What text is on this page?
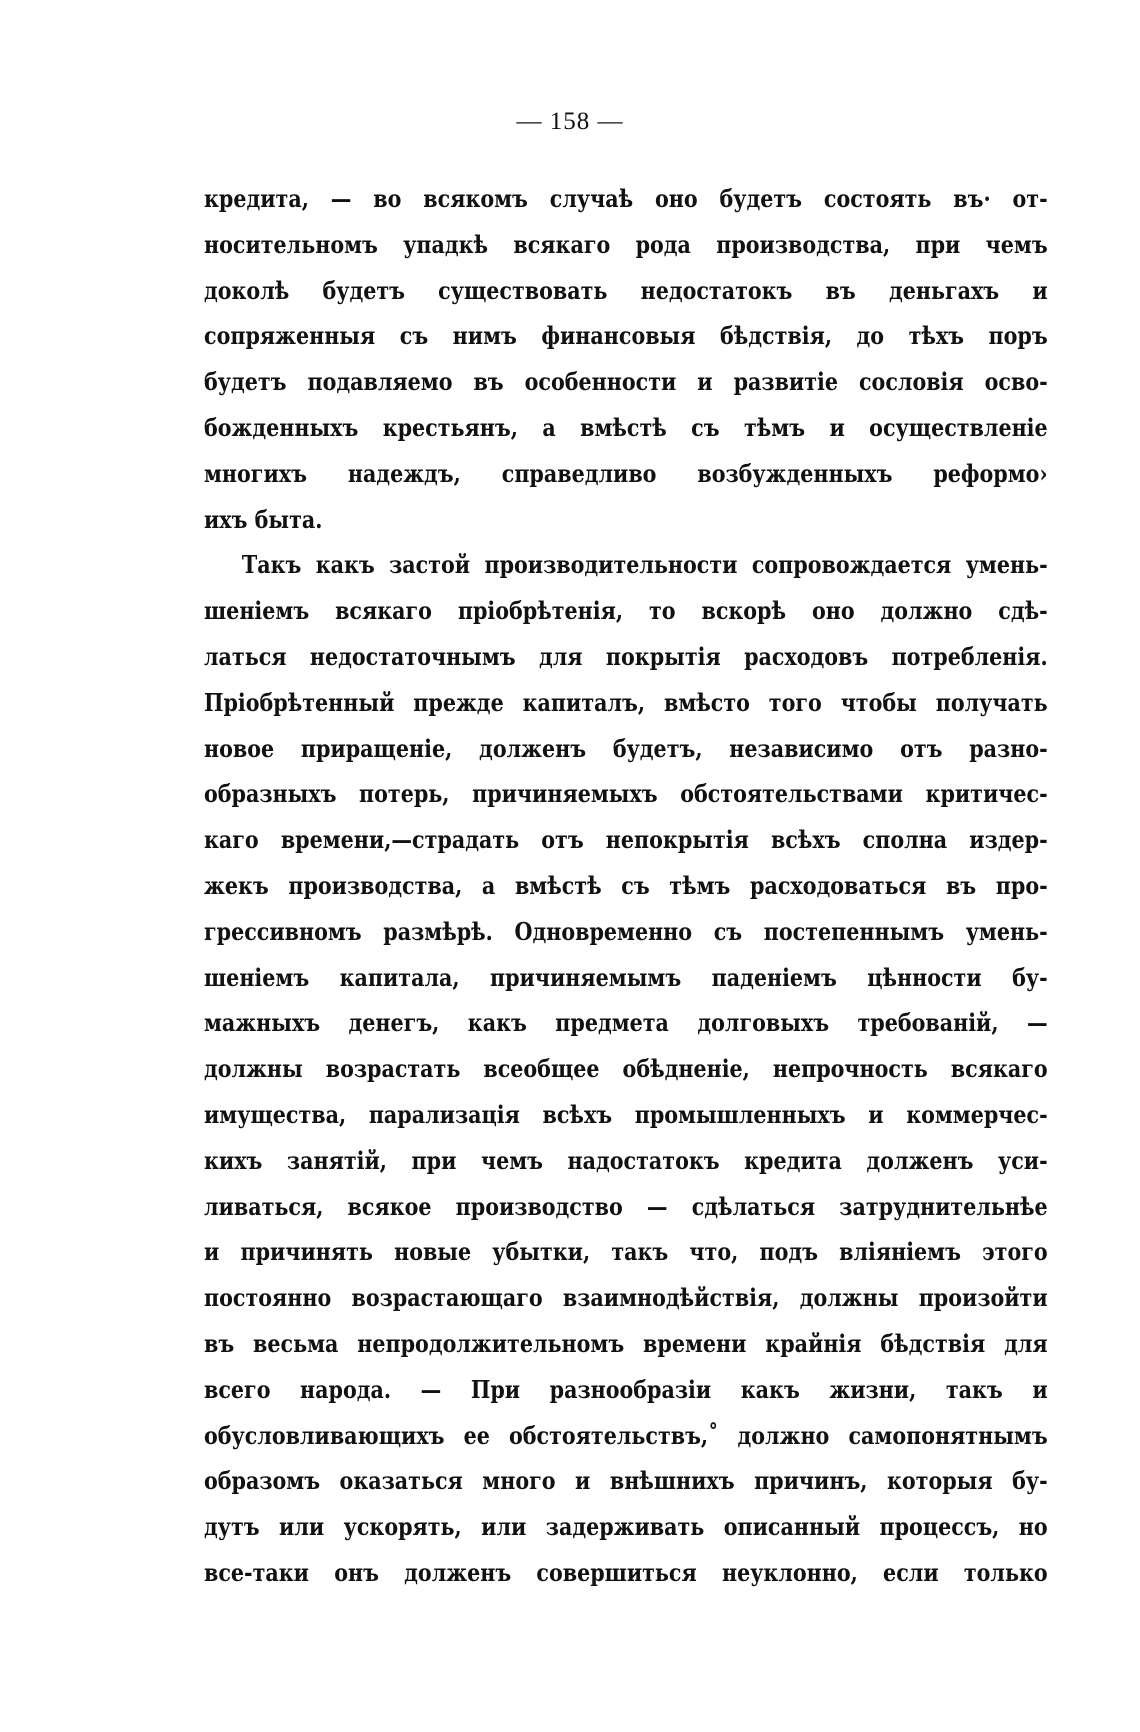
— 158 —
кредита, — во всякомъ случаѣ оно будетъ состоять въ· от-
носительномъ упадкѣ всякаго рода производства, при чемъ
доколѣ будетъ существовать недостатокъ въ деньгахъ и
сопряженныя съ нимъ финансовыя бѣдствія, до тѣхъ поръ
будетъ подавляемо въ особенности и развитіе сословія осво-
божденныхъ крестьянъ, а вмѣстѣ съ тѣмъ и осуществленіе
многихъ надеждъ, справедливо возбужденныхъ реформо›
ихъ быта.
Такъ какъ застой производительности сопровождается умень-
шеніемъ всякаго пріобрѣтенія, то вскорѣ оно должно сдѣ-
латься недостаточнымъ для покрытія расходовъ потребленія.
Пріобрѣтенный прежде капиталъ, вмѣсто того чтобы получать
новое приращеніе, долженъ будетъ, независимо отъ разно-
образныхъ потерь, причиняемыхъ обстоятельствами критичес-
каго времени,—страдать отъ непокрытія всѣхъ сполна издер-
жекъ производства, а вмѣстѣ съ тѣмъ расходоваться въ про-
грессивномъ размѣрѣ. Одновременно съ постепеннымъ умень-
шеніемъ капитала, причиняемымъ паденіемъ цѣнности бу-
мажныхъ денегъ, какъ предмета долговыхъ требованій, —
должны возрастать всеобщее обѣдненіе, непрочность всякаго
имущества, парализація всѣхъ промышленныхъ и коммерчес-
кихъ занятій, при чемъ надостатокъ кредита долженъ уси-
ливаться, всякое производство — сдѣлаться затруднительнѣе
и причинять новые убытки, такъ что, подъ вліяніемъ этого
постоянно возрастающаго взаимнодѣйствія, должны произойти
въ весьма непродолжительномъ времени крайнія бѣдствія для
всего народа. — При разнообразіи какъ жизни, такъ и
обусловливающихъ ее обстоятельствъ,˚ должно самопонятнымъ
образомъ оказаться много и внѣшнихъ причинъ, которыя бу-
дутъ или ускорять, или задерживать описанный процессъ, но
все-таки онъ долженъ совершиться неуклонно, если только
